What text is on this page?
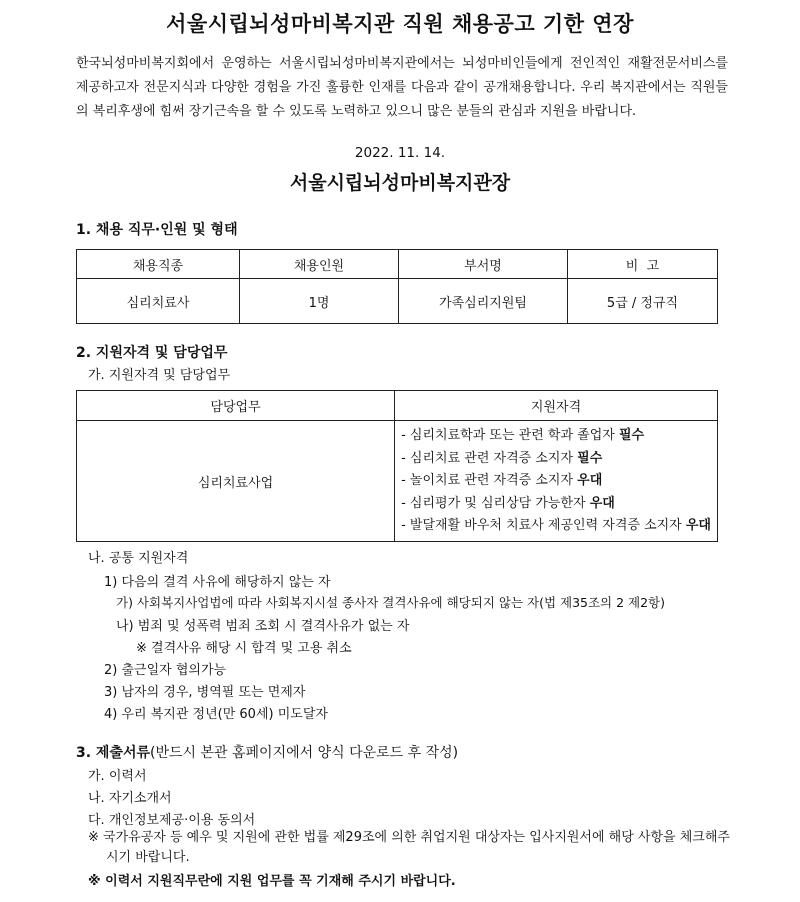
서울시립뇌성마비복지관 직원 채용공고 기한 연장
한국뇌성마비복지회에서 운영하는 서울시립뇌성마비복지관에서는 뇌성마비인들에게 전인적인 재활전문서비스를 제공하고자 전문지식과 다양한 경험을 가진 훌륭한 인재를 다음과 같이 공개채용합니다. 우리 복지관에서는 직원들의 복리후생에 힘써 장기근속을 할 수 있도록 노력하고 있으니 많은 분들의 관심과 지원을 바랍니다.
2022. 11. 14.
서울시립뇌성마비복지관장
1. 채용 직무·인원 및 형태
채용직종	채용인원	부서명	비  고
심리치료사	1명	가족심리지원팀	5급 / 정규직
2. 지원자격 및 담당업무
가. 지원자격 및 담당업무
담당업무	지원자격
심리치료사업	- 심리치료학과 또는 관련 학과 졸업자 필수
- 심리치료 관련 자격증 소지자 필수
- 놀이치료 관련 자격증 소지자 우대
- 심리평가 및 심리상담 가능한자 우대
- 발달재활 바우처 치료사 제공인력 자격증 소지자 우대
나. 공통 지원자격
1) 다음의 결격 사유에 해당하지 않는 자
가) 사회복지사업법에 따라 사회복지시설 종사자 결격사유에 해당되지 않는 자(법 제35조의 2 제2항)
나) 범죄 및 성폭력 범죄 조회 시 결격사유가 없는 자
※ 결격사유 해당 시 합격 및 고용 취소
2) 출근일자 협의가능
3) 남자의 경우, 병역필 또는 면제자
4) 우리 복지관 정년(만 60세) 미도달자
3. 제출서류(반드시 본관 홈페이지에서 양식 다운로드 후 작성)
가. 이력서
나. 자기소개서
다. 개인정보제공·이용 동의서
※ 국가유공자 등 예우 및 지원에 관한 법률 제29조에 의한 취업지원 대상자는 입사지원서에 해당 사항을 체크해주시기 바랍니다.
※ 이력서 지원직무란에 지원 업무를 꼭 기재해 주시기 바랍니다.
